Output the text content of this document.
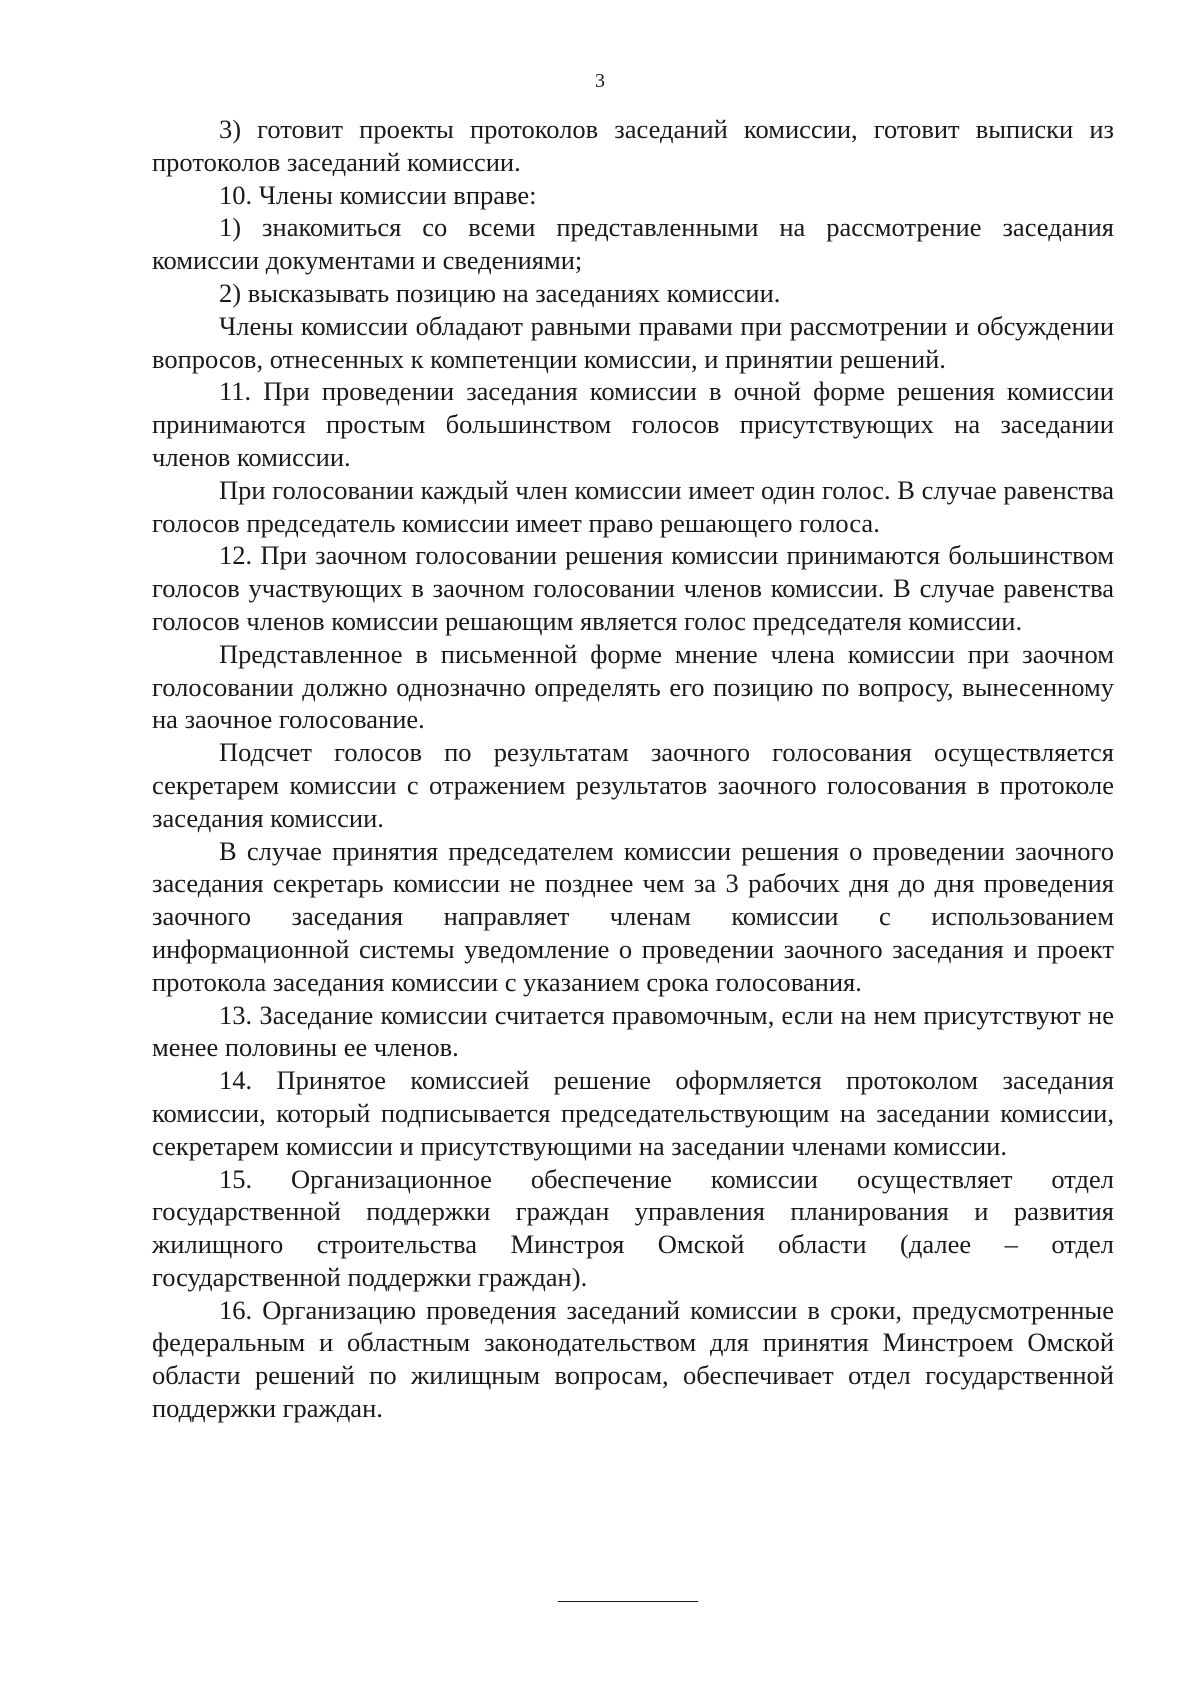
3

3) готовит проекты протоколов заседаний комиссии, готовит выписки из протоколов заседаний комиссии.

10. Члены комиссии вправе:

1) знакомиться со всеми представленными на рассмотрение заседания комиссии документами и сведениями;

2) высказывать позицию на заседаниях комиссии.

Члены комиссии обладают равными правами при рассмотрении и обсуждении вопросов, отнесенных к компетенции комиссии, и принятии решений.

11. При проведении заседания комиссии в очной форме решения комиссии принимаются простым большинством голосов присутствующих на заседании членов комиссии.

При голосовании каждый член комиссии имеет один голос. В случае равенства голосов председатель комиссии имеет право решающего голоса.

12. При заочном голосовании решения комиссии принимаются большинством голосов участвующих в заочном голосовании членов комиссии. В случае равенства голосов членов комиссии решающим является голос председателя комиссии.

Представленное в письменной форме мнение члена комиссии при заочном голосовании должно однозначно определять его позицию по вопросу, вынесенному на заочное голосование.

Подсчет голосов по результатам заочного голосования осуществляется секретарем комиссии с отражением результатов заочного голосования в протоколе заседания комиссии.

В случае принятия председателем комиссии решения о проведении заочного заседания секретарь комиссии не позднее чем за 3 рабочих дня до дня проведения заочного заседания направляет членам комиссии с использованием информационной системы уведомление о проведении заочного заседания и проект протокола заседания комиссии с указанием срока голосования.

13. Заседание комиссии считается правомочным, если на нем присутствуют не менее половины ее членов.

14. Принятое комиссией решение оформляется протоколом заседания комиссии, который подписывается председательствующим на заседании комиссии, секретарем комиссии и присутствующими на заседании членами комиссии.

15. Организационное обеспечение комиссии осуществляет отдел государственной поддержки граждан управления планирования и развития жилищного строительства Минстроя Омской области (далее – отдел государственной поддержки граждан).

16. Организацию проведения заседаний комиссии в сроки, предусмотренные федеральным и областным законодательством для принятия Минстроем Омской области решений по жилищным вопросам, обеспечивает отдел государственной поддержки граждан.
